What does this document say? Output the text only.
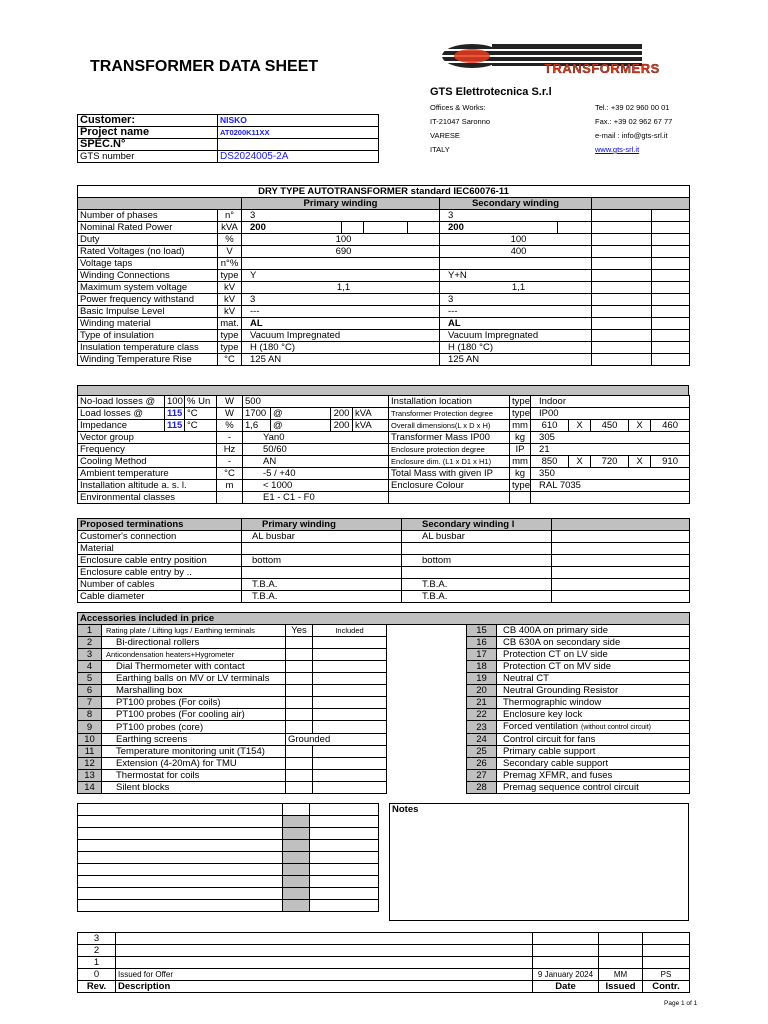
TRANSFORMER DATA SHEET	TRANSFORMERS
GTS Elettrotecnica S.r.l
Offices & Works:
IT-21047 Saronno
VARESE
ITALY
Tel.: +39 02 960 00 01
Fax.: +39 02 962 67 77
e-mail : info@gts-srl.it
www.gts-srl.it
Customer:	NISKO
Project name	AT0200K11XX
SPEC.N°	
GTS number	DS2024005-2A
DRY TYPE AUTOTRANSFORMER standard IEC60076-11									
		Primary winding				Secondary winding			
Number of phases	n°	3				3			
Nominal Rated Power	kVA	200				200			
Duty	%	100				100			
Rated Voltages (no load)	V	690				400			
Voltage taps	n°%								
Winding Connections	type	Y				Y+N			
Maximum system voltage	kV	1,1				1,1			
Power frequency withstand	kV	3				3			
Basic Impulse Level	kV	---				---			
Winding material	mat.	AL				AL			
Type of insulation	type	Vacuum Impregnated				Vacuum Impregnated			
Insulation temperature class	type	H (180 °C)				H (180 °C)			
Winding Temperature Rise	°C	125 AN				125 AN			
No-load losses @	100	% Un	W	500				Installation location	type	Indoor				
Load losses @	115	°C	W	1700	@	200	kVA	Transformer Protection degree	type	IP00				
Impedance	115	°C	%	1,6	@	200	kVA	Overall dimensions(L x D x H)	mm	610	X	450	X	460
Vector group			-	Yan0				Transformer Mass IP00	kg	305				
Frequency			Hz	50/60				Enclosure protection degree	IP	21				
Cooling Method			-	AN				Enclosure dim. (L1 x D1 x H1)	mm	850	X	720	X	910
Ambient temperature			°C	-5 / +40				Total Mass with given IP	kg	350				
Installation altitude a. s. l.			m	< 1000				Enclosure Colour	type	RAL 7035				
Environmental classes				E1 - C1 - F0										
Proposed terminations	Primary winding	Secondary winding l	
Customer's connection	AL busbar	AL busbar	
Material			
Enclosure cable entry position	bottom	bottom	
Enclosure cable entry by ..			
Number of cables	T.B.A.	T.B.A.	
Cable diameter	T.B.A.	T.B.A.	
Accessories included in price						
1	Rating plate / Lifting lugs / Earthing terminals	Yes	Included		15	CB 400A on primary side
2	Bi-directional rollers				16	CB 630A on secondary side
3	Anticondensation heaters+Hygrometer				17	Protection CT on LV side
4	Dial Thermometer with contact				18	Protection CT on MV side
5	Earthing balls on MV or LV terminals				19	Neutral CT
6	Marshalling box				20	Neutral Grounding Resistor
7	PT100 probes (For coils)				21	Thermographic window
8	PT100 probes (For cooling air)				22	Enclosure key lock
9	PT100 probes (core)				23	Forced ventilation (without control circuit)
10	Earthing screens	Grounded			24	Control circuit for fans
11	Temperature monitoring unit (T154)				25	Primary cable support
12	Extension (4-20mA) for TMU				26	Secondary cable support
13	Thermostat for coils				27	Premag XFMR, and fuses
14	Silent blocks				28	Premag sequence control circuit

Notes
3				
2				
1				
0	Issued for Offer	9 January 2024	MM	PS
Rev.	Description	Date	Issued	Contr.
Page 1 of 1
